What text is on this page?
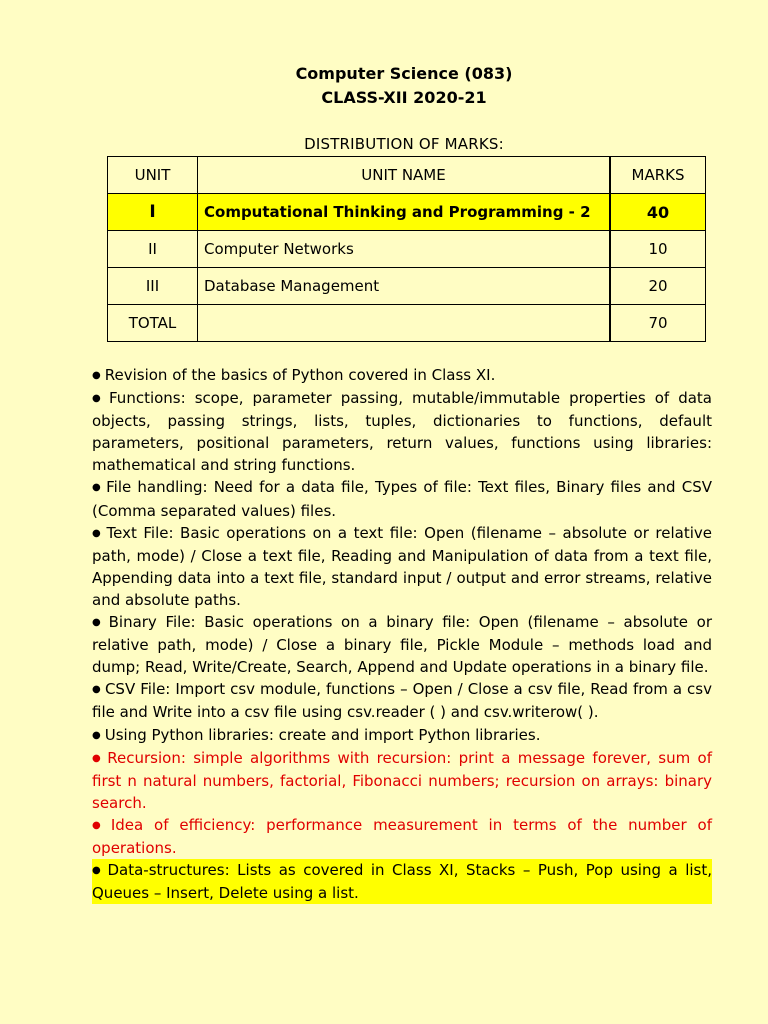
Computer Science (083)
CLASS-XII 2020-21
DISTRIBUTION OF MARKS:
UNIT	UNIT NAME	MARKS
I	Computational Thinking and Programming - 2	40
II	Computer Networks	10
III	Database Management	20
TOTAL		70

● Revision of the basics of Python covered in Class XI.

● Functions: scope, parameter passing, mutable/immutable properties of data objects, passing strings, lists, tuples, dictionaries to functions, default parameters, positional parameters, return values, functions using libraries: mathematical and string functions.

● File handling: Need for a data file, Types of file: Text files, Binary files and CSV (Comma separated values) files.

● Text File: Basic operations on a text file: Open (filename – absolute or relative path, mode) / Close a text file, Reading and Manipulation of data from a text file, Appending data into a text file, standard input / output and error streams, relative and absolute paths.

● Binary File: Basic operations on a binary file: Open (filename – absolute or relative path, mode) / Close a binary file, Pickle Module – methods load and dump; Read, Write/Create, Search, Append and Update operations in a binary file.

● CSV File: Import csv module, functions – Open / Close a csv file, Read from a csv file and Write into a csv file using csv.reader ( ) and csv.writerow( ).

● Using Python libraries: create and import Python libraries.

● Recursion: simple algorithms with recursion: print a message forever, sum of first n natural numbers, factorial, Fibonacci numbers; recursion on arrays: binary search.

● Idea of efficiency: performance measurement in terms of the number of operations.

● Data-structures: Lists as covered in Class XI, Stacks – Push, Pop using a list, Queues – Insert, Delete using a list.
